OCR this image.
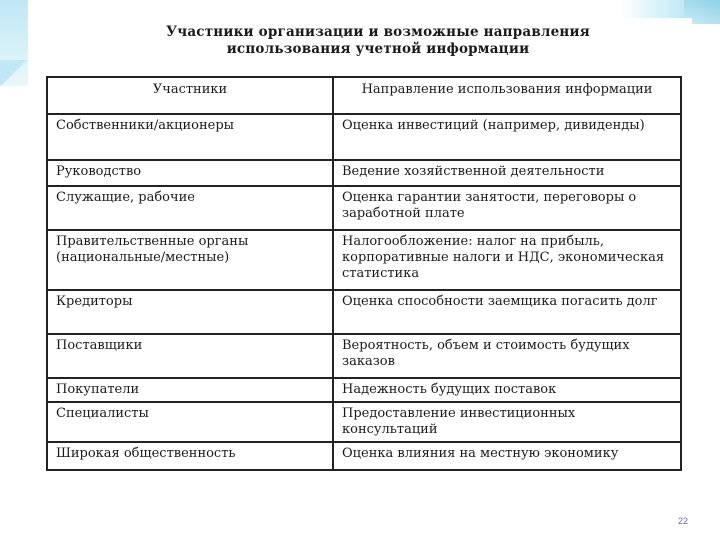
Участники организации и возможные направления
использования учетной информации
Участники	Направление использования информации
Собственники/акционеры	Оценка инвестиций (например, дивиденды)
Руководство	Ведение хозяйственной деятельности
Служащие, рабочие	Оценка гарантии занятости, переговоры о заработной плате
Правительственные органы (национальные/местные)	Налогообложение: налог на прибыль, корпоративные налоги и НДС, экономическая статистика
Кредиторы	Оценка способности заемщика погасить долг
Поставщики	Вероятность, объем и стоимость будущих заказов
Покупатели	Надежность будущих поставок
Специалисты	Предоставление инвестиционных консультаций
Широкая общественность	Оценка влияния на местную экономику
22
